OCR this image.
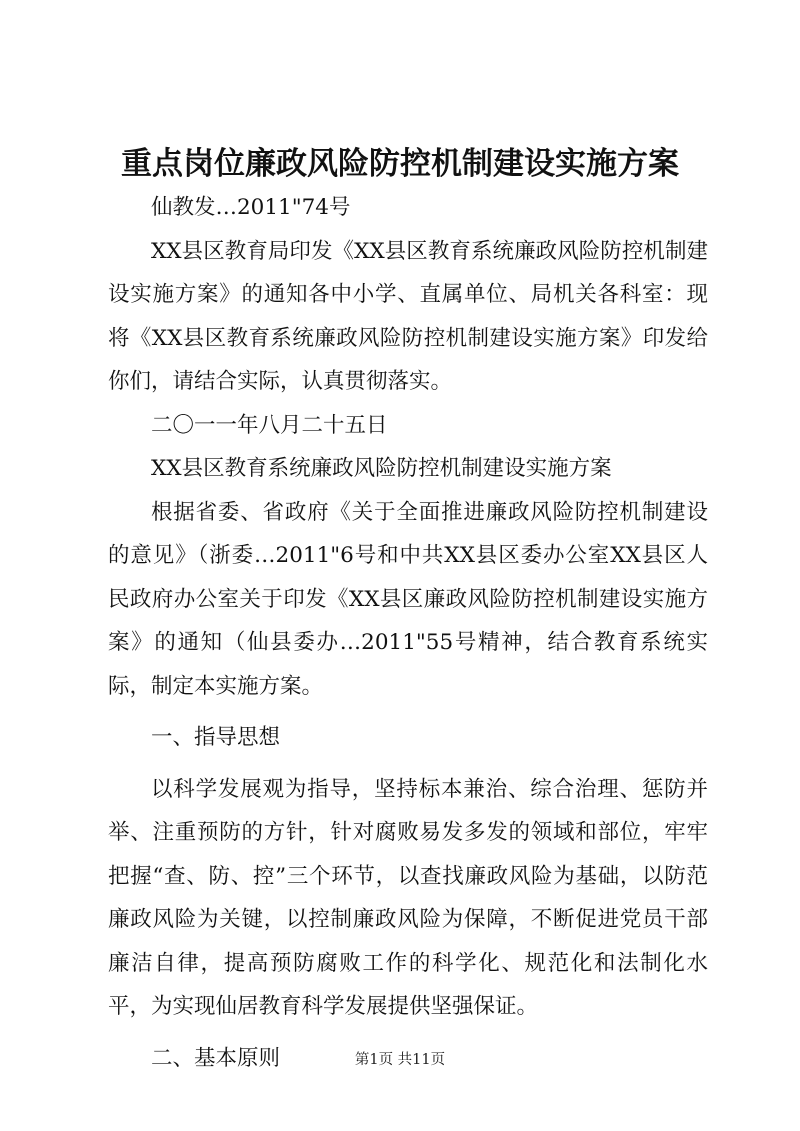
重点岗位廉政风险防控机制建设实施方案

仙教发…2011"74号

XX县区教育局印发《XX县区教育系统廉政风险防控机制建设实施方案》的通知各中小学、直属单位、局机关各科室：现将《XX县区教育系统廉政风险防控机制建设实施方案》印发给你们，请结合实际，认真贯彻落实。

二〇一一年八月二十五日

XX县区教育系统廉政风险防控机制建设实施方案

根据省委、省政府《关于全面推进廉政风险防控机制建设的意见》（浙委…2011"6号和中共XX县区委办公室XX县区人民政府办公室关于印发《XX县区廉政风险防控机制建设实施方案》的通知（仙县委办…2011"55号精神，结合教育系统实际，制定本实施方案。

一、指导思想

以科学发展观为指导，坚持标本兼治、综合治理、惩防并举、注重预防的方针，针对腐败易发多发的领域和部位，牢牢把握“查、防、控”三个环节，以查找廉政风险为基础，以防范廉政风险为关键，以控制廉政风险为保障，不断促进党员干部廉洁自律，提高预防腐败工作的科学化、规范化和法制化水平，为实现仙居教育科学发展提供坚强保证。

二、基本原则	第1页 共11页
